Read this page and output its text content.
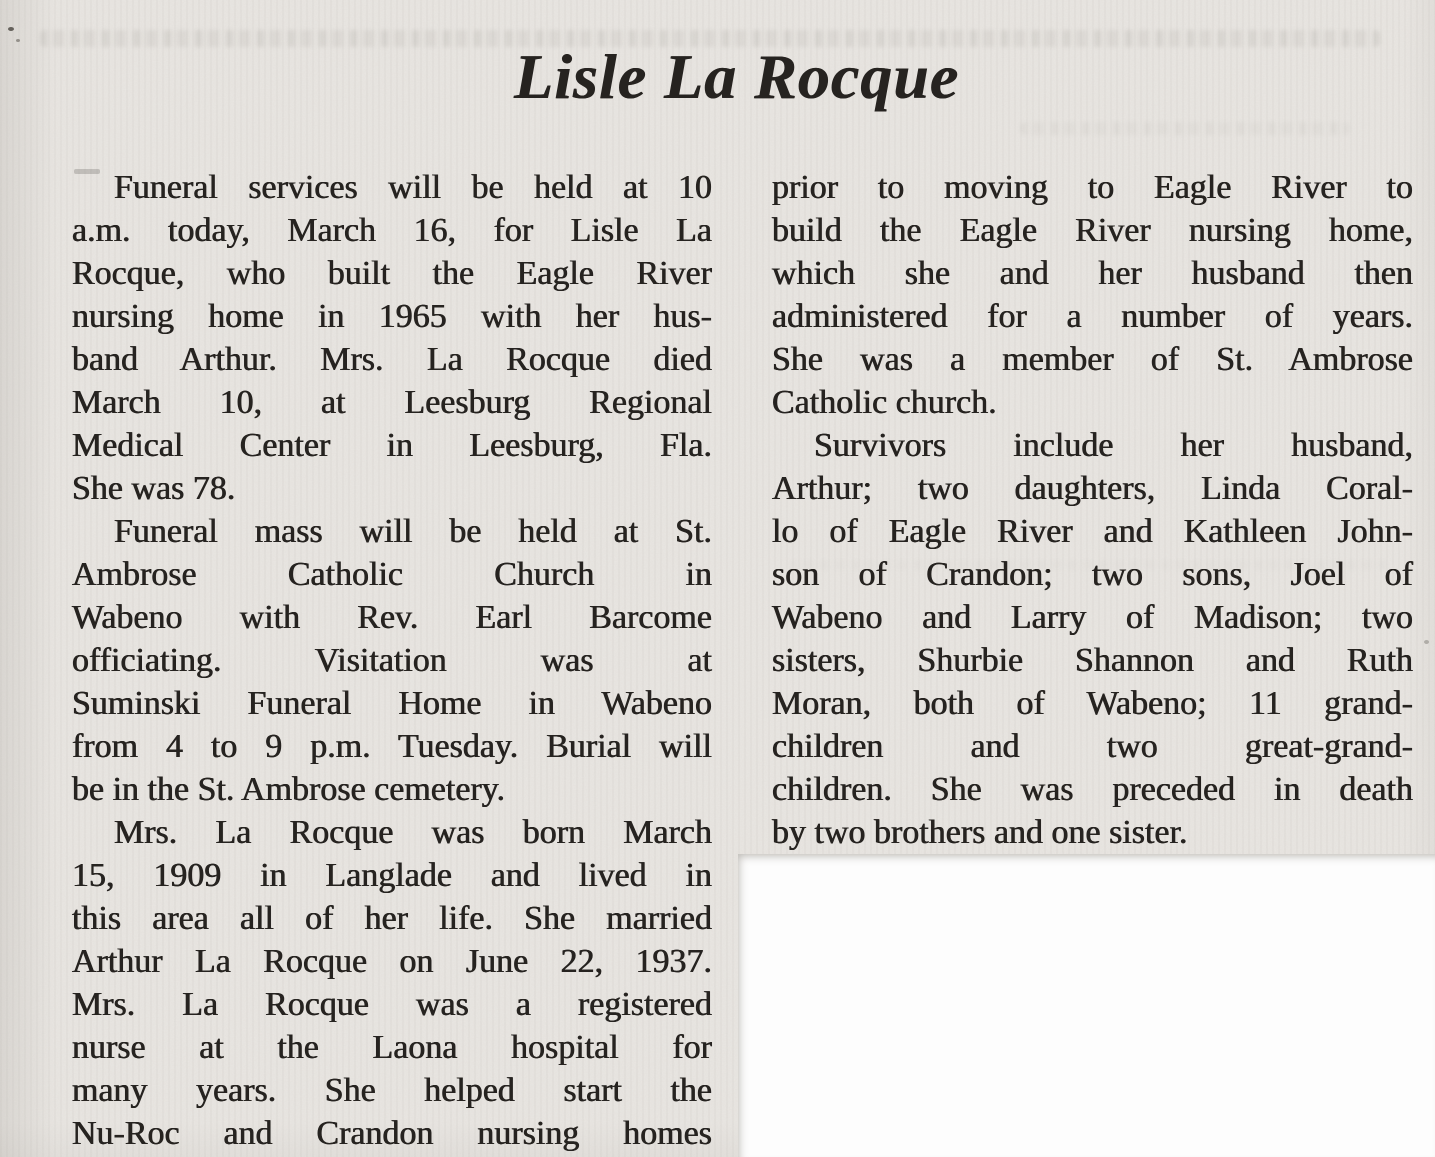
Lisle La Rocque
Funeral services will be held at 10
a.m. today, March 16, for Lisle La
Rocque, who built the Eagle River
nursing home in 1965 with her hus-
band Arthur. Mrs. La Rocque died
March 10, at Leesburg Regional
Medical Center in Leesburg, Fla.
She was 78.
Funeral mass will be held at St.
Ambrose Catholic Church in
Wabeno with Rev. Earl Barcome
officiating. Visitation was at
Suminski Funeral Home in Wabeno
from 4 to 9 p.m. Tuesday. Burial will
be in the St. Ambrose cemetery.
Mrs. La Rocque was born March
15, 1909 in Langlade and lived in
this area all of her life. She married
Arthur La Rocque on June 22, 1937.
Mrs. La Rocque was a registered
nurse at the Laona hospital for
many years. She helped start the
Nu-Roc and Crandon nursing homes
prior to moving to Eagle River to
build the Eagle River nursing home,
which she and her husband then
administered for a number of years.
She was a member of St. Ambrose
Catholic church.
Survivors include her husband,
Arthur; two daughters, Linda Coral-
lo of Eagle River and Kathleen John-
son of Crandon; two sons, Joel of
Wabeno and Larry of Madison; two
sisters, Shurbie Shannon and Ruth
Moran, both of Wabeno; 11 grand-
children and two great-grand-
children. She was preceded in death
by two brothers and one sister.
